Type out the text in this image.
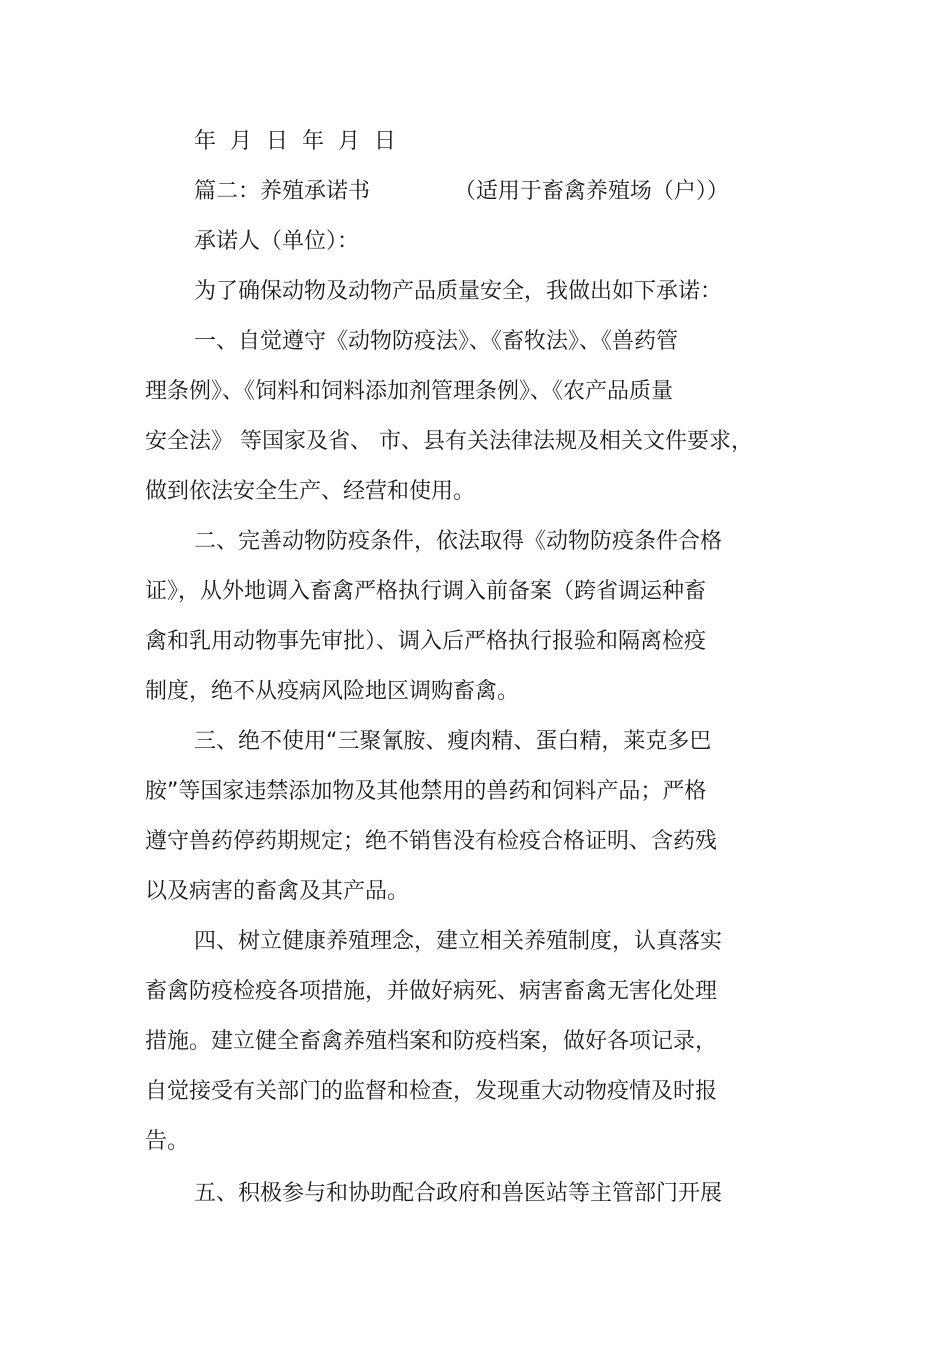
年  月  日  年  月  日
篇二：养殖承诺书            （适用于畜禽养殖场（户））
承诺人（单位）：
为了确保动物及动物产品质量安全，我做出如下承诺：
一、自觉遵守《动物防疫法》、《畜牧法》、《兽药管
理条例》、《饲料和饲料添加剂管理条例》、《农产品质量
安全法》 等国家及省、 市、县有关法律法规及相关文件要求，
做到依法安全生产、经营和使用。
二、完善动物防疫条件，依法取得《动物防疫条件合格
证》，从外地调入畜禽严格执行调入前备案（跨省调运种畜
禽和乳用动物事先审批）、调入后严格执行报验和隔离检疫
制度，绝不从疫病风险地区调购畜禽。
三、绝不使用“三聚氰胺、瘦肉精、蛋白精，莱克多巴
胺”等国家违禁添加物及其他禁用的兽药和饲料产品；严格
遵守兽药停药期规定；绝不销售没有检疫合格证明、含药残
以及病害的畜禽及其产品。
四、树立健康养殖理念，建立相关养殖制度，认真落实
畜禽防疫检疫各项措施，并做好病死、病害畜禽无害化处理
措施。建立健全畜禽养殖档案和防疫档案，做好各项记录，
自觉接受有关部门的监督和检查，发现重大动物疫情及时报
告。
五、积极参与和协助配合政府和兽医站等主管部门开展
